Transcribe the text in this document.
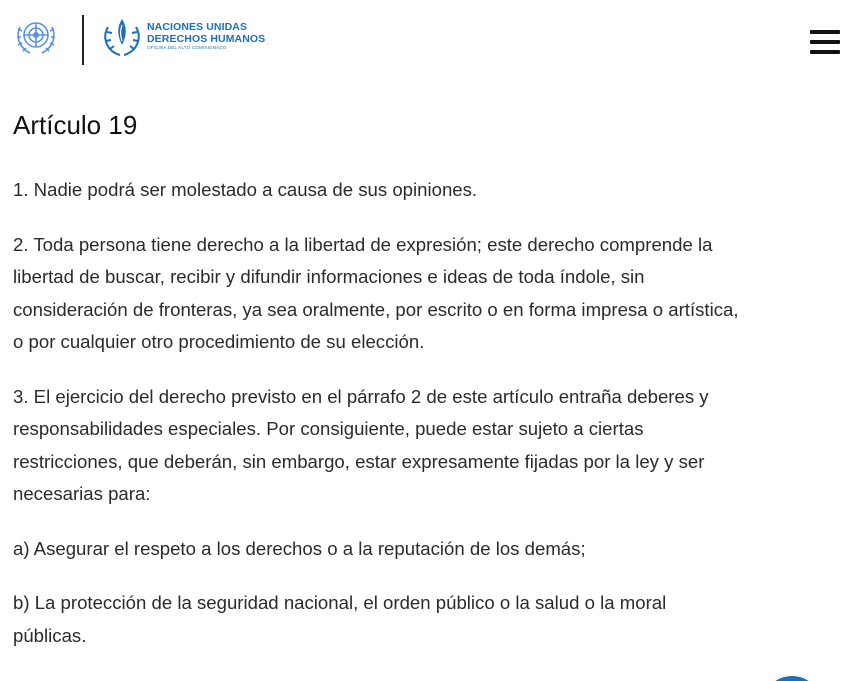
NACIONES UNIDAS
DERECHOS HUMANOS
OFICINA DEL ALTO COMISIONADO
Artículo 19

1. Nadie podrá ser molestado a causa de sus opiniones.

2. Toda persona tiene derecho a la libertad de expresión; este derecho comprende la libertad de buscar, recibir y difundir informaciones e ideas de toda índole, sin consideración de fronteras, ya sea oralmente, por escrito o en forma impresa o artística, o por cualquier otro procedimiento de su elección.

3. El ejercicio del derecho previsto en el párrafo 2 de este artículo entraña deberes y responsabilidades especiales. Por consiguiente, puede estar sujeto a ciertas restricciones, que deberán, sin embargo, estar expresamente fijadas por la ley y ser necesarias para:

a) Asegurar el respeto a los derechos o a la reputación de los demás;

b) La protección de la seguridad nacional, el orden público o la salud o la moral públicas.
